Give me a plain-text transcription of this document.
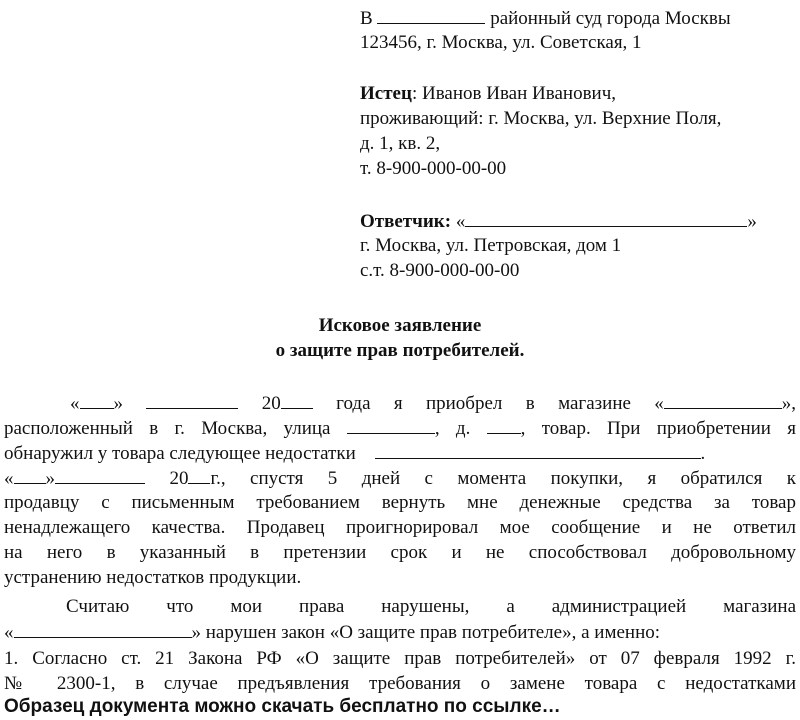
В	районный суд города Москвы
123456, г. Москва, ул. Советская, 1
Истец: Иванов Иван Иванович,
проживающий: г. Москва, ул. Верхние Поля,
д. 1, кв. 2,
т. 8-900-000-00-00
Ответчик: «	»
г. Москва, ул. Петровская, дом 1
с.т. 8-900-000-00-00
Исковое заявление
о защите прав потребителей.
« »	20	года я приобрел в магазине «	»,
расположенный в г. Москва, улица	, д.	, товар. При приобретении я
обнаружил у товара следующее недостатки	.
« »	20 г., спустя 5 дней с момента покупки, я обратился к
продавцу с письменным требованием вернуть мне денежные средства за товар
ненадлежащего качества. Продавец проигнорировал мое сообщение и не ответил
на него в указанный в претензии срок и не способствовал добровольному
устранению недостатков продукции.
Считаю что мои права нарушены, а администрацией магазина
«	» нарушен закон «О защите прав потребителе», а именно:
1. Согласно ст. 21 Закона РФ «О защите прав потребителей» от 07 февраля 1992 г.
№ 2300-1, в случае предъявления требования о замене товара с недостатками
Образец документа можно скачать бесплатно по ссылке…
